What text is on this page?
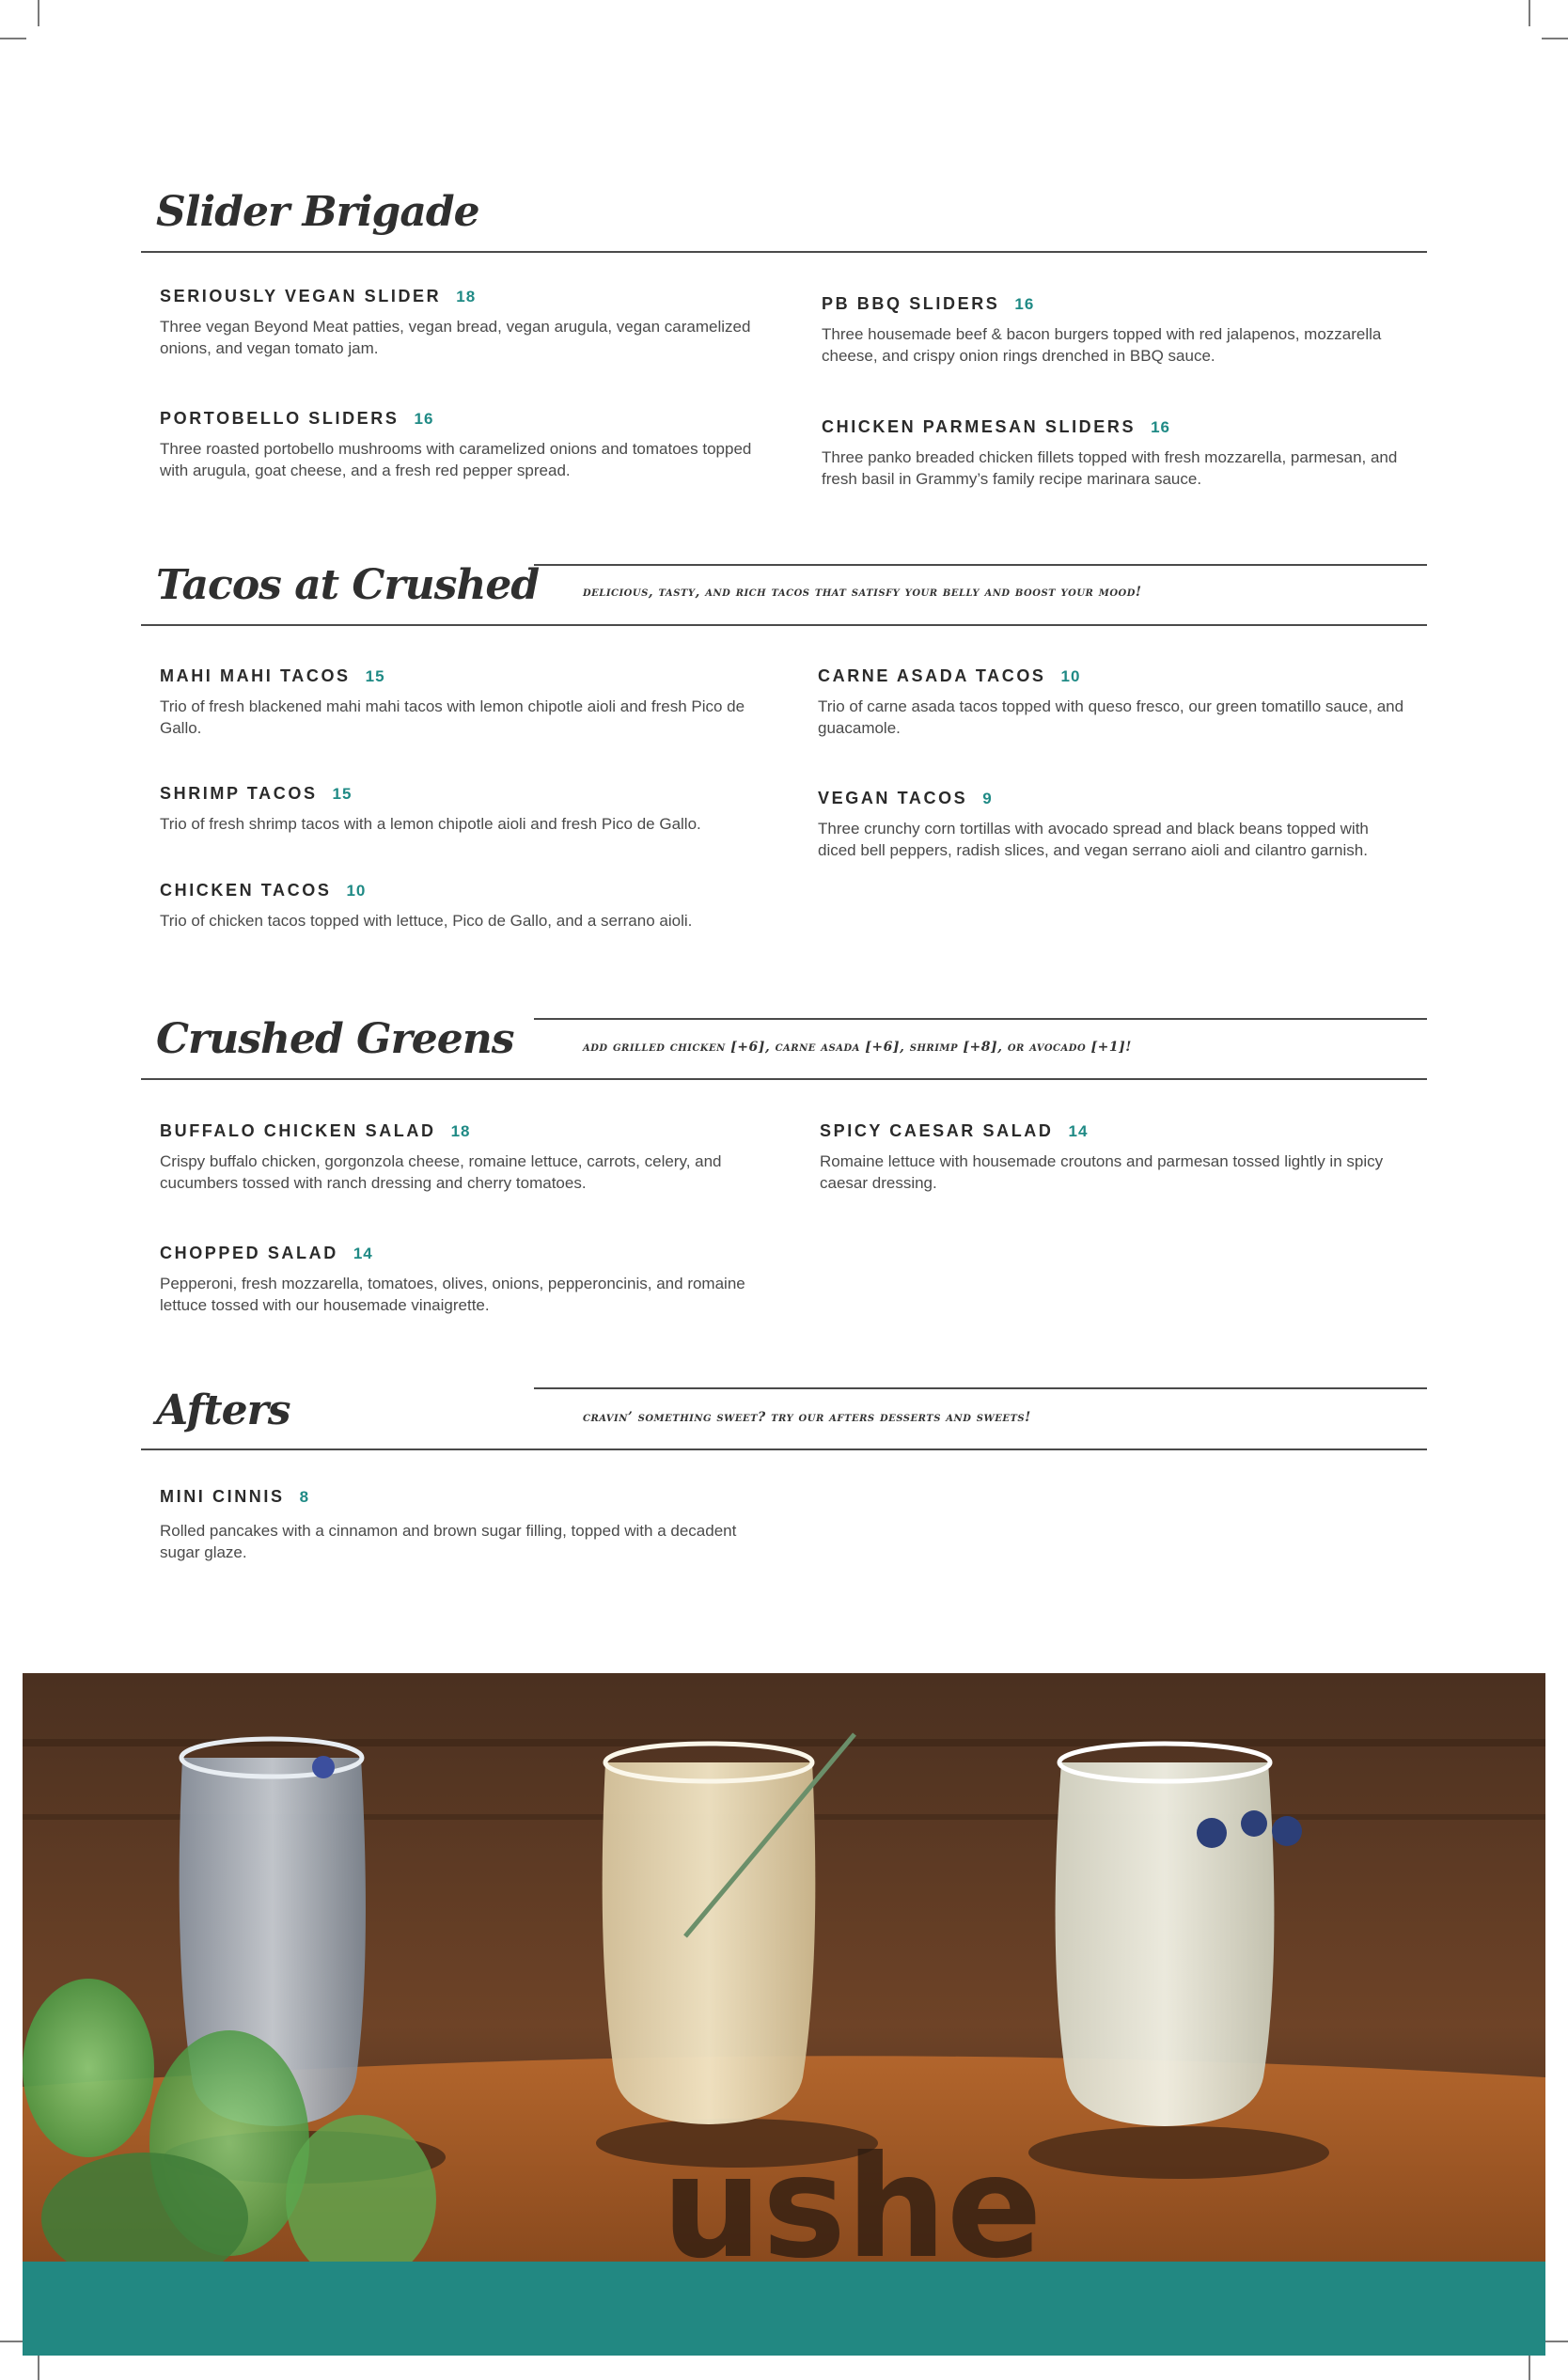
Slider Brigade
SERIOUSLY VEGAN SLIDER 18

Three vegan Beyond Meat patties, vegan bread, vegan arugula, vegan caramelized onions, and vegan tomato jam.

PORTOBELLO SLIDERS 16

Three roasted portobello mushrooms with caramelized onions and tomatoes topped with arugula, goat cheese, and a fresh red pepper spread.

PB BBQ SLIDERS 16

Three housemade beef & bacon burgers topped with red jalapenos, mozzarella cheese, and crispy onion rings drenched in BBQ sauce.

CHICKEN PARMESAN SLIDERS 16

Three panko breaded chicken fillets topped with fresh mozzarella, parmesan, and fresh basil in Grammy’s family recipe marinara sauce.

Tacos at Crushed	delicious, tasty, and rich tacos that satisfy your belly and boost your mood!
MAHI MAHI TACOS 15

Trio of fresh blackened mahi mahi tacos with lemon chipotle aioli and fresh Pico de Gallo.

SHRIMP TACOS 15

Trio of fresh shrimp tacos with a lemon chipotle aioli and fresh Pico de Gallo.

CHICKEN TACOS 10

Trio of chicken tacos topped with lettuce, Pico de Gallo, and a serrano aioli.

CARNE ASADA TACOS 10

Trio of carne asada tacos topped with queso fresco, our green tomatillo sauce, and guacamole.

VEGAN TACOS 9

Three crunchy corn tortillas with avocado spread and black beans topped with diced bell peppers, radish slices, and vegan serrano aioli and cilantro garnish.

Crushed Greens	add grilled chicken [+6], carne asada [+6], shrimp [+8], or avocado [+1]!
BUFFALO CHICKEN SALAD 18

Crispy buffalo chicken, gorgonzola cheese, romaine lettuce, carrots, celery, and cucumbers tossed with ranch dressing and cherry tomatoes.

CHOPPED SALAD 14

Pepperoni, fresh mozzarella, tomatoes, olives, onions, pepperoncinis, and romaine lettuce tossed with our housemade vinaigrette.

SPICY CAESAR SALAD 14

Romaine lettuce with housemade croutons and parmesan tossed lightly in spicy caesar dressing.

Afters	cravin’ something sweet? try our afters desserts and sweets!
MINI CINNIS 8

Rolled pancakes with a cinnamon and brown sugar filling, topped with a decadent sugar glaze.

ushe
